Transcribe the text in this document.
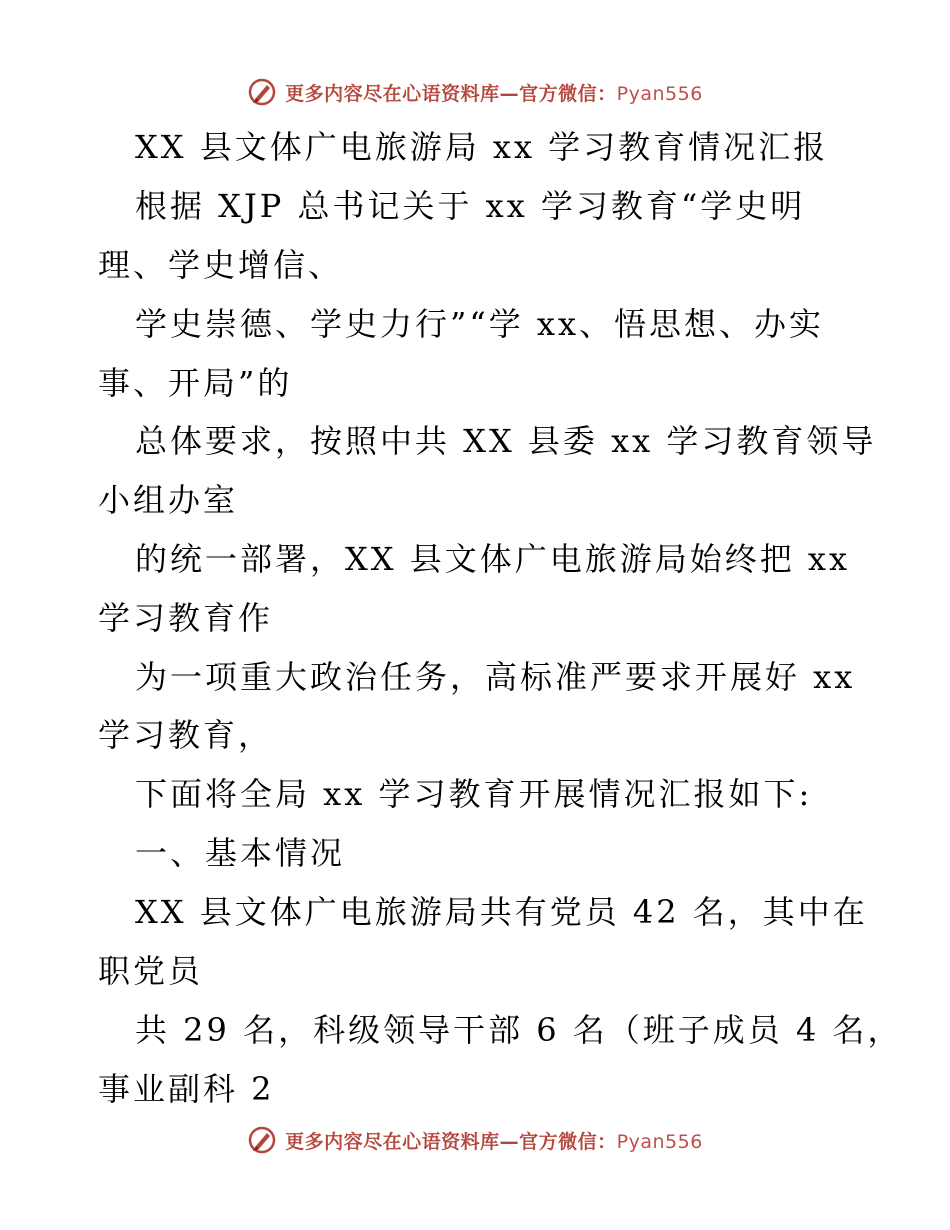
更多内容尽在心语资料库—官方微信：Pyan556
XX 县文体广电旅游局 xx 学习教育情况汇报
根据 XJP 总书记关于 xx 学习教育“学史明
理、学史增信、
学史崇德、学史力行”“学 xx、悟思想、办实
事、开局”的
总体要求，按照中共 XX 县委 xx 学习教育领导
小组办室
的统一部署，XX 县文体广电旅游局始终把 xx
学习教育作
为一项重大政治任务，高标准严要求开展好 xx
学习教育，
下面将全局 xx 学习教育开展情况汇报如下:
一、基本情况
XX 县文体广电旅游局共有党员 42 名，其中在
职党员
共 29 名，科级领导干部 6 名（班子成员 4 名，
事业副科 2
更多内容尽在心语资料库—官方微信：Pyan556
